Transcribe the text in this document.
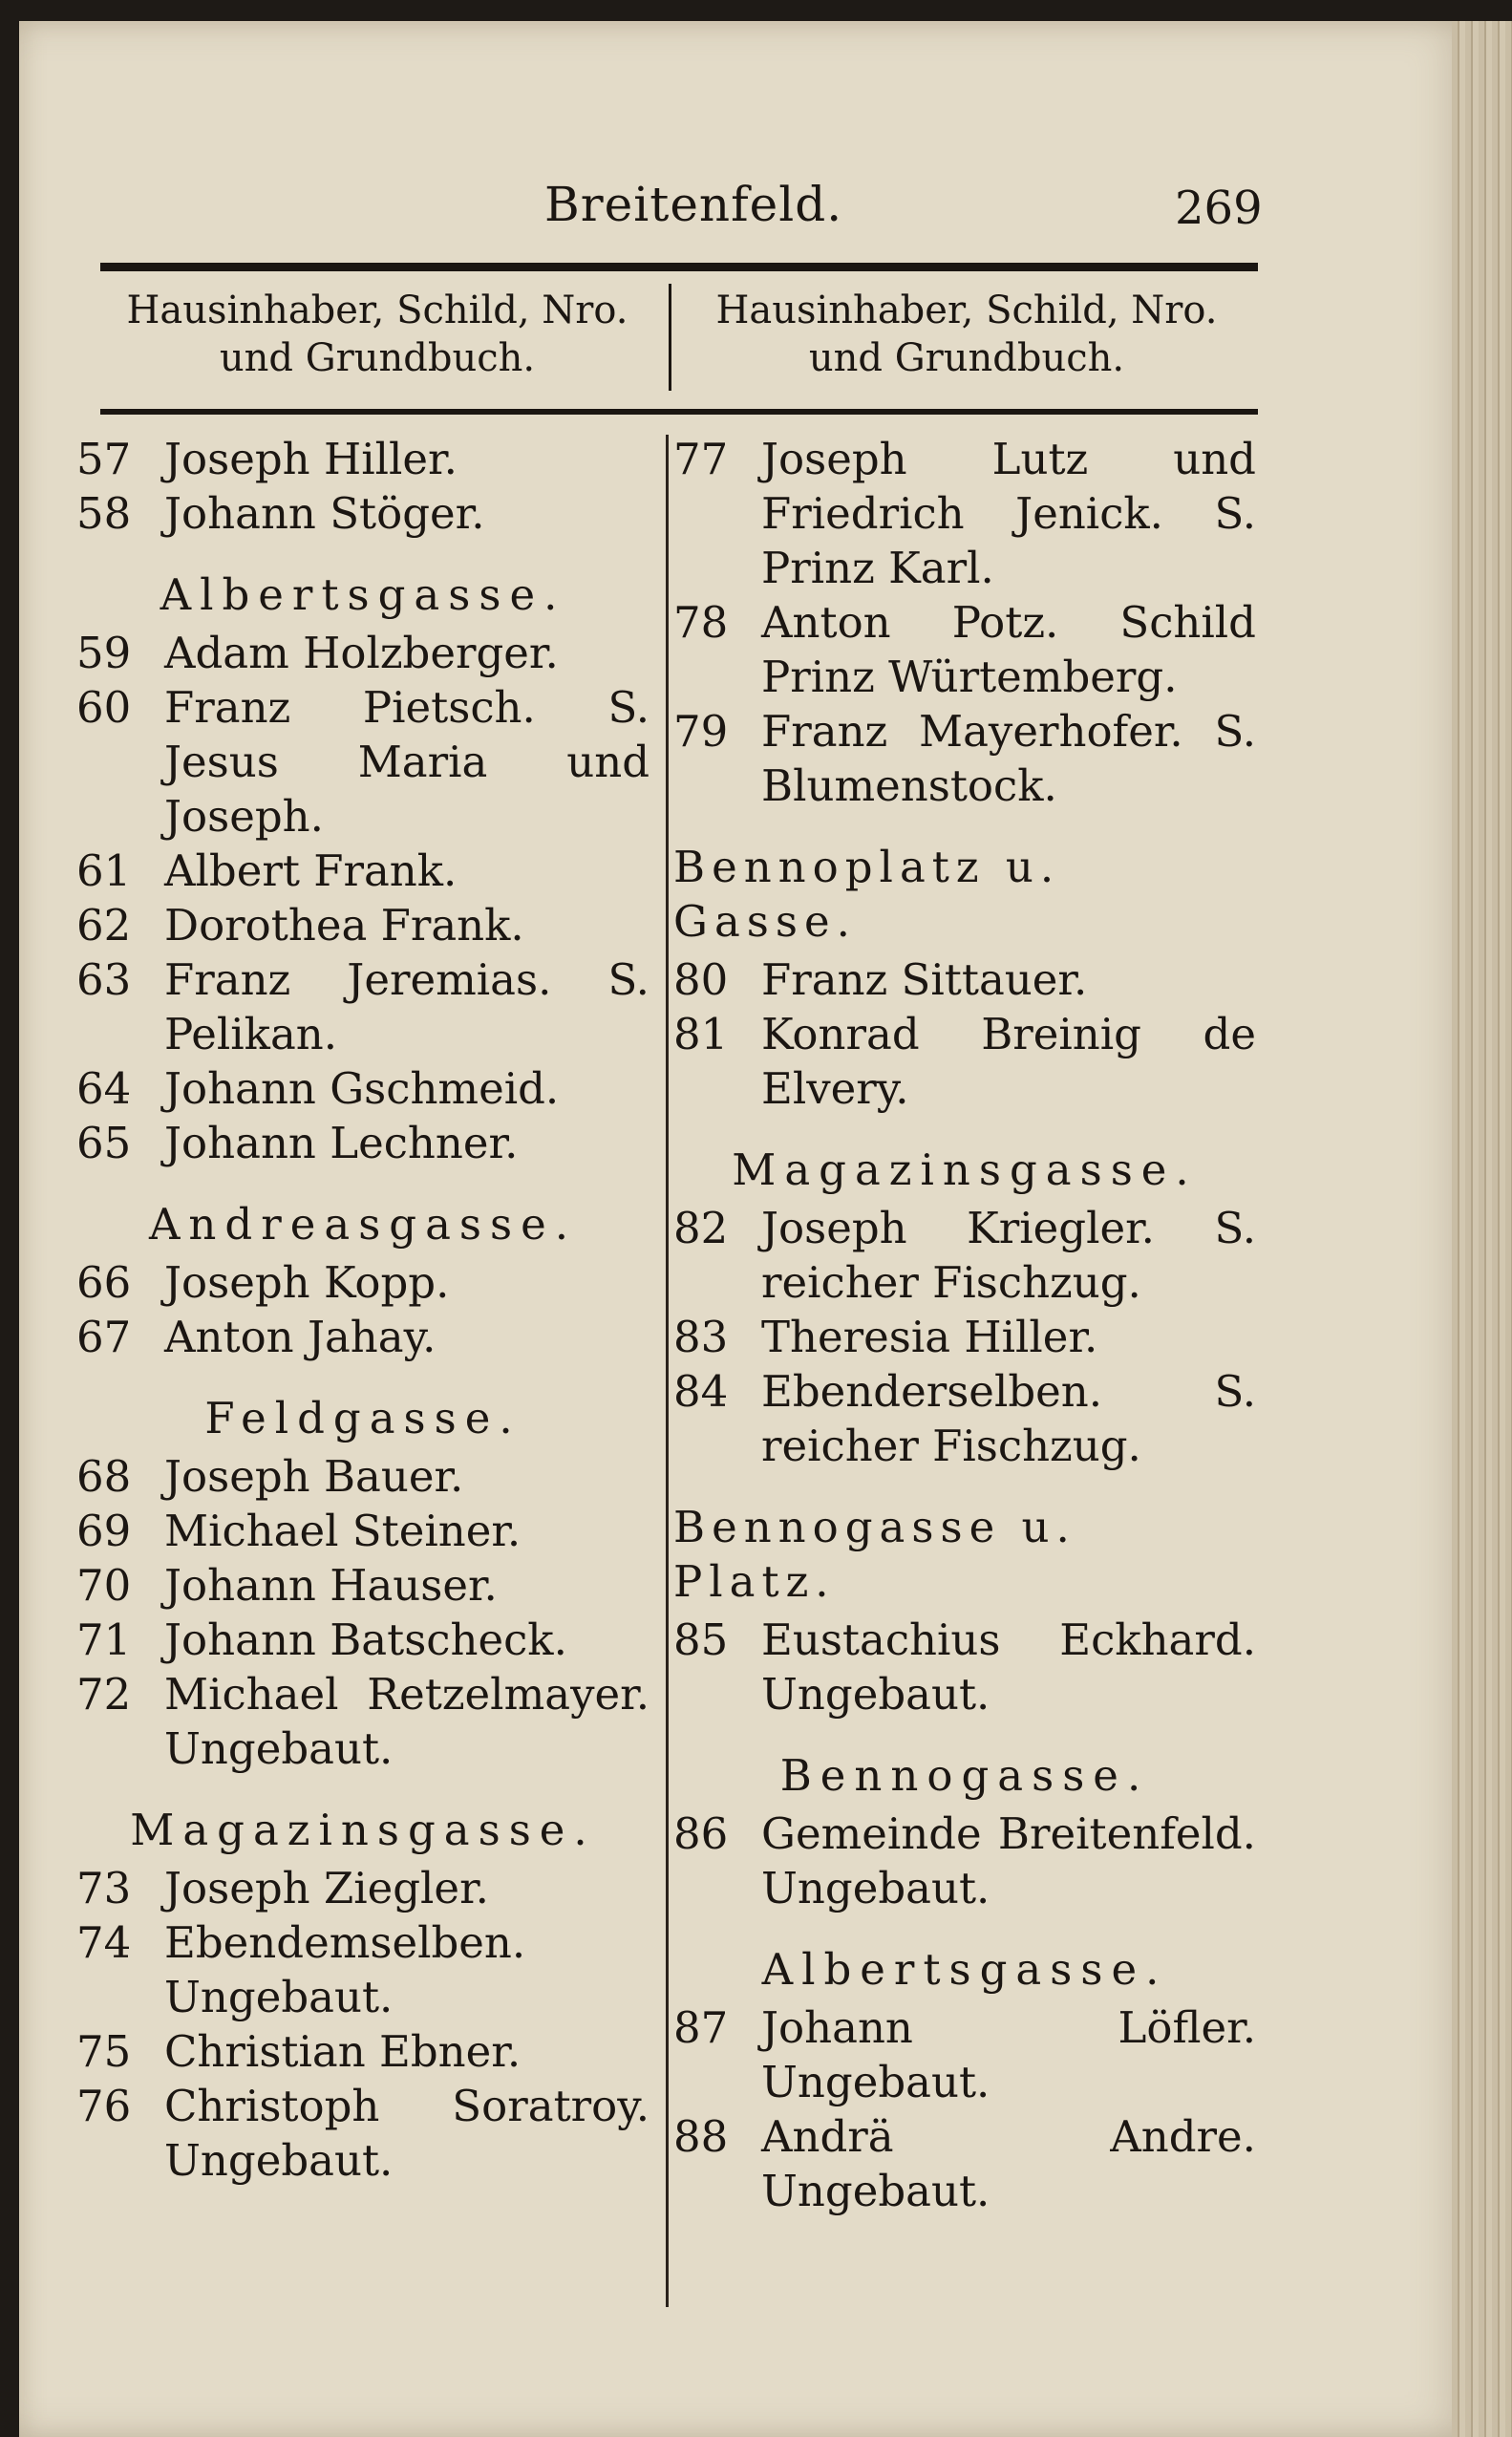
Breitenfeld.	269
Hausinhaber, Schild, Nro. und Grundbuch.
Hausinhaber, Schild, Nro. und Grundbuch.
57 Joseph Hiller.
58 Johann Stöger.
Albertsgasse.
59 Adam Holzberger.
60 Franz Pietsch. S. Jesus Maria und Joseph.
61 Albert Frank.
62 Dorothea Frank.
63 Franz Jeremias. S. Pelikan.
64 Johann Gschmeid.
65 Johann Lechner.
Andreasgasse.
66 Joseph Kopp.
67 Anton Jahay.
Feldgasse.
68 Joseph Bauer.
69 Michael Steiner.
70 Johann Hauser.
71 Johann Batscheck.
72 Michael Retzelmayer. Ungebaut.
Magazinsgasse.
73 Joseph Ziegler.
74 Ebendemselben. Ungebaut.
75 Christian Ebner.
76 Christoph Soratroy. Ungebaut.
77 Joseph Lutz und Friedrich Jenick. S. Prinz Karl.
78 Anton Potz. Schild Prinz Würtemberg.
79 Franz Mayerhofer. S. Blumenstock.
Bennoplatz u. Gasse.
80 Franz Sittauer.
81 Konrad Breinig de Elvery.
Magazinsgasse.
82 Joseph Kriegler. S. reicher Fischzug.
83 Theresia Hiller.
84 Ebenderselben. S. reicher Fischzug.
Bennogasse u. Platz.
85 Eustachius Eckhard. Ungebaut.
Bennogasse.
86 Gemeinde Breitenfeld. Ungebaut.
Albertsgasse.
87 Johann Löfler. Ungebaut.
88 Andrä Andre. Ungebaut.
